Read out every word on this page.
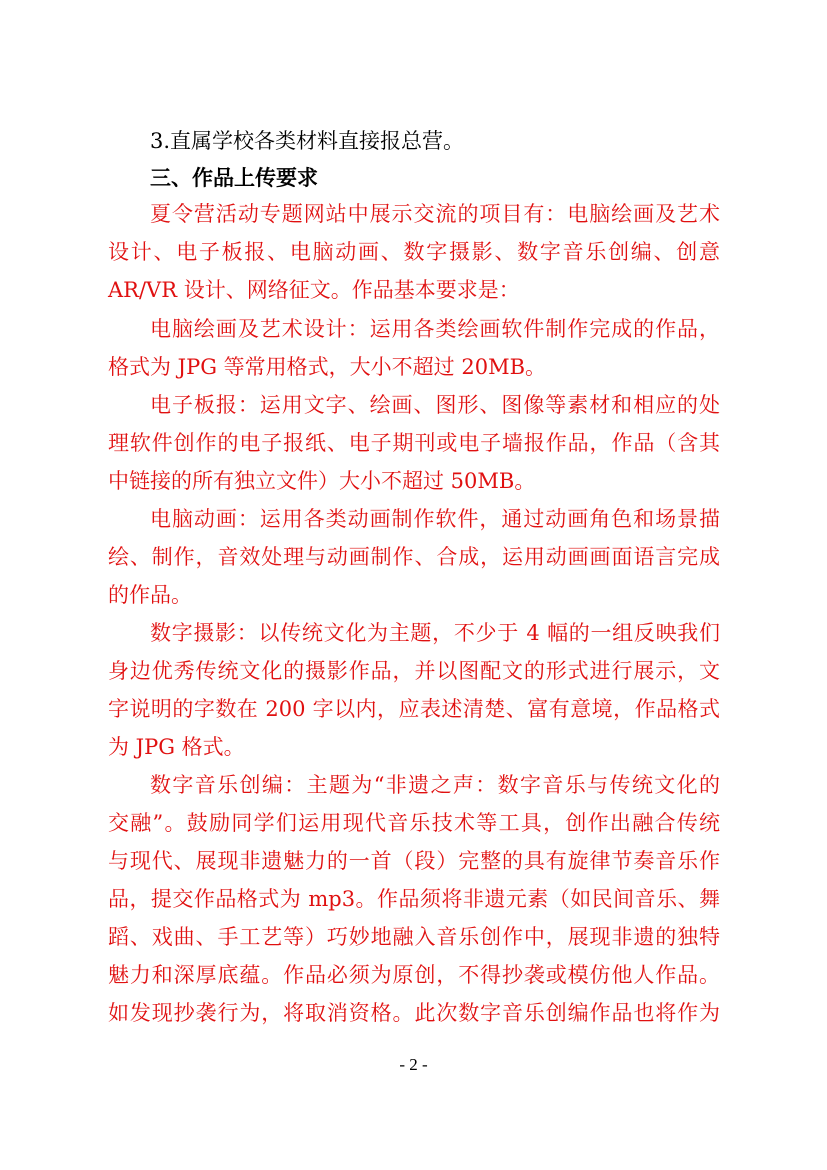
3.直属学校各类材料直接报总营。
三、作品上传要求
夏令营活动专题网站中展示交流的项目有：电脑绘画及艺术
设计、电子板报、电脑动画、数字摄影、数字音乐创编、创意
AR/VR 设计、网络征文。作品基本要求是：
电脑绘画及艺术设计：运用各类绘画软件制作完成的作品，
格式为 JPG 等常用格式，大小不超过 20MB。
电子板报：运用文字、绘画、图形、图像等素材和相应的处
理软件创作的电子报纸、电子期刊或电子墙报作品，作品（含其
中链接的所有独立文件）大小不超过 50MB。
电脑动画：运用各类动画制作软件，通过动画角色和场景描
绘、制作，音效处理与动画制作、合成，运用动画画面语言完成
的作品。
数字摄影：以传统文化为主题，不少于 4 幅的一组反映我们
身边优秀传统文化的摄影作品，并以图配文的形式进行展示，文
字说明的字数在 200 字以内，应表述清楚、富有意境，作品格式
为 JPG 格式。
数字音乐创编：主题为“非遗之声：数字音乐与传统文化的
交融”。鼓励同学们运用现代音乐技术等工具，创作出融合传统
与现代、展现非遗魅力的一首（段）完整的具有旋律节奏音乐作
品，提交作品格式为 mp3。作品须将非遗元素（如民间音乐、舞
蹈、戏曲、手工艺等）巧妙地融入音乐创作中，展现非遗的独特
魅力和深厚底蕴。作品必须为原创，不得抄袭或模仿他人作品。
如发现抄袭行为，将取消资格。此次数字音乐创编作品也将作为
- 2 -
